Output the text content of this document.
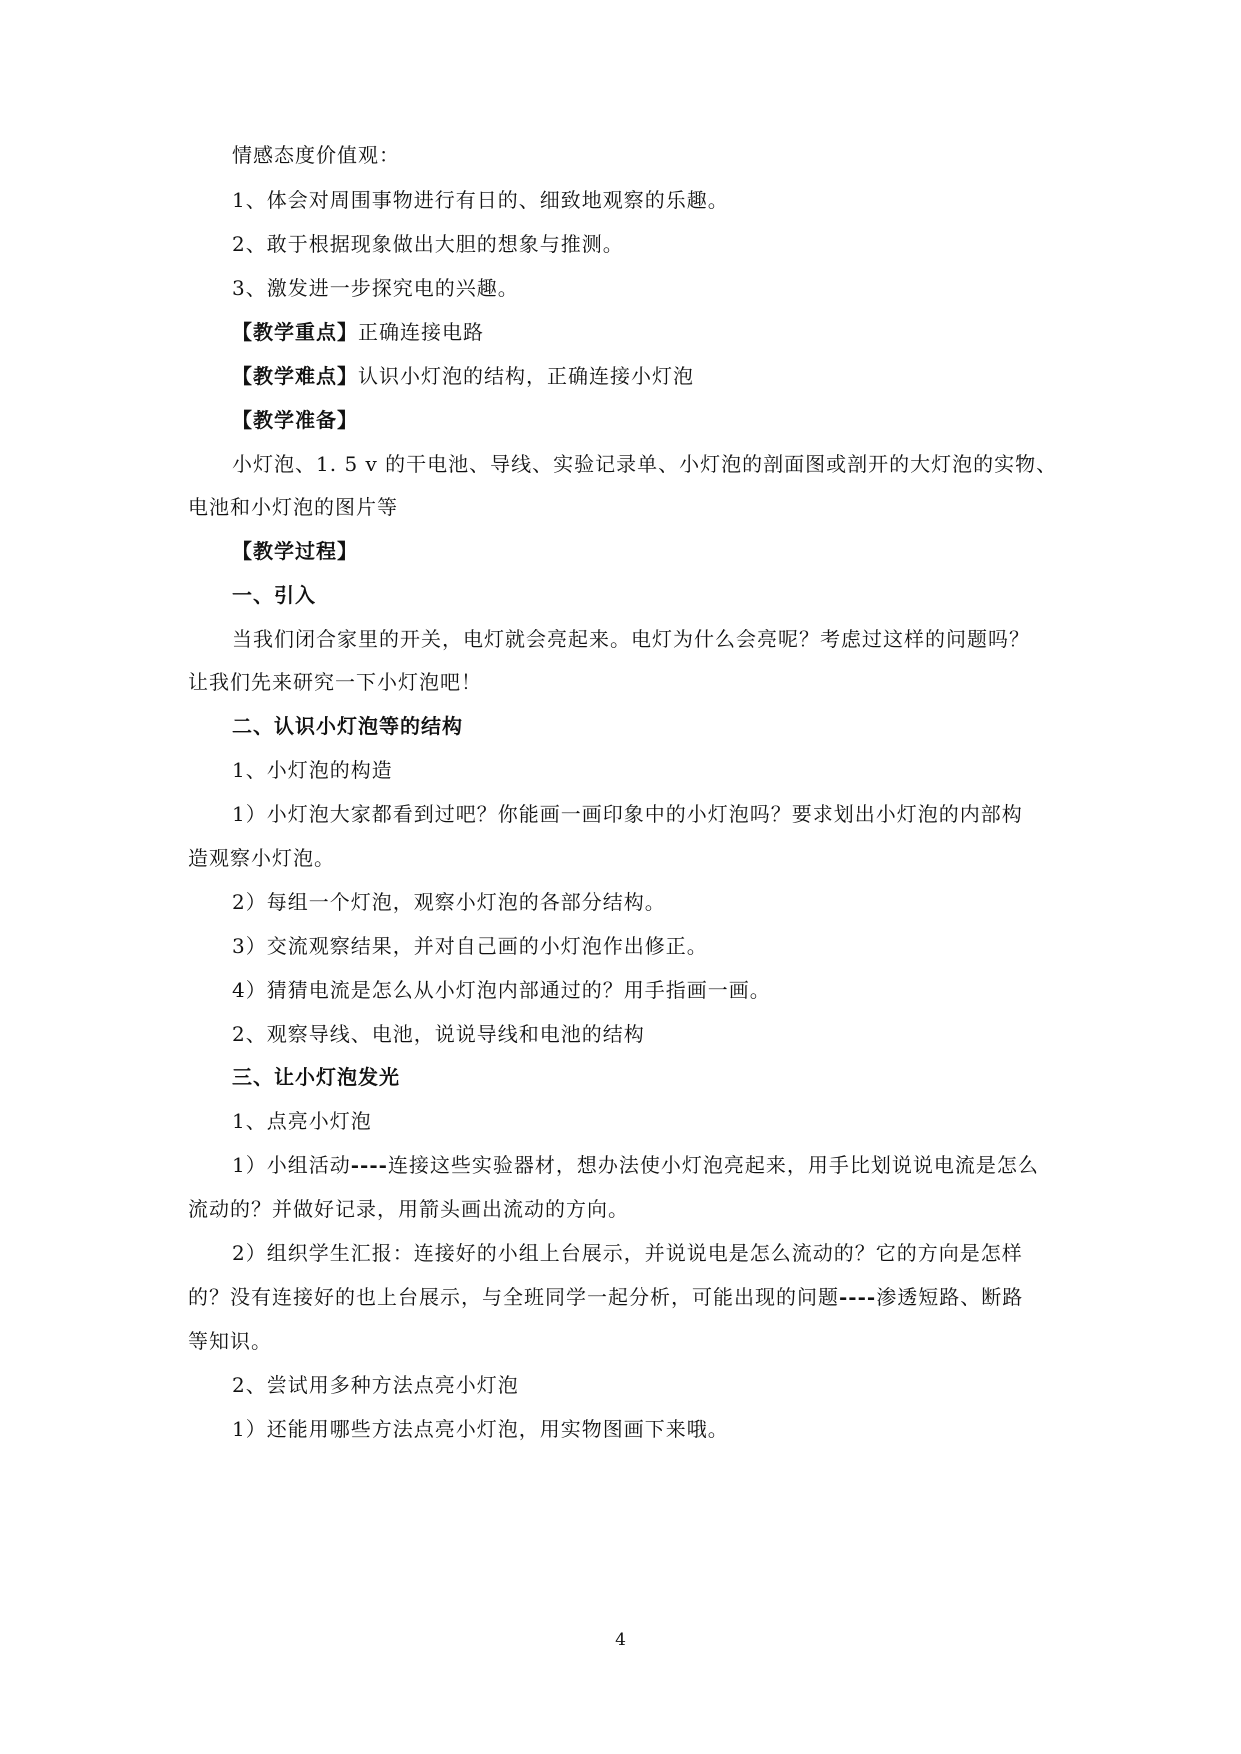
情感态度价值观：
1、体会对周围事物进行有日的、细致地观察的乐趣。
2、敢于根据现象做出大胆的想象与推测。
3、激发进一步探究电的兴趣。
【教学重点】正确连接电路
【教学难点】认识小灯泡的结构，正确连接小灯泡
【教学准备】
小灯泡、1. 5 v 的干电池、导线、实验记录单、小灯泡的剖面图或剖开的大灯泡的实物、
电池和小灯泡的图片等
【教学过程】
一、引入
当我们闭合家里的开关，电灯就会亮起来。电灯为什么会亮呢？考虑过这样的问题吗？
让我们先来研究一下小灯泡吧！
二、认识小灯泡等的结构
1、小灯泡的构造
1）小灯泡大家都看到过吧？你能画一画印象中的小灯泡吗？要求划出小灯泡的内部构
造观察小灯泡。
2）每组一个灯泡，观察小灯泡的各部分结构。
3）交流观察结果，并对自己画的小灯泡作出修正。
4）猜猜电流是怎么从小灯泡内部通过的？用手指画一画。
2、观察导线、电池，说说导线和电池的结构
三、让小灯泡发光
1、点亮小灯泡
1）小组活动----连接这些实验器材，想办法使小灯泡亮起来，用手比划说说电流是怎么
流动的？并做好记录，用箭头画出流动的方向。
2）组织学生汇报：连接好的小组上台展示，并说说电是怎么流动的？它的方向是怎样
的？没有连接好的也上台展示，与全班同学一起分析，可能出现的问题----渗透短路、断路
等知识。
2、尝试用多种方法点亮小灯泡
1）还能用哪些方法点亮小灯泡，用实物图画下来哦。
4
